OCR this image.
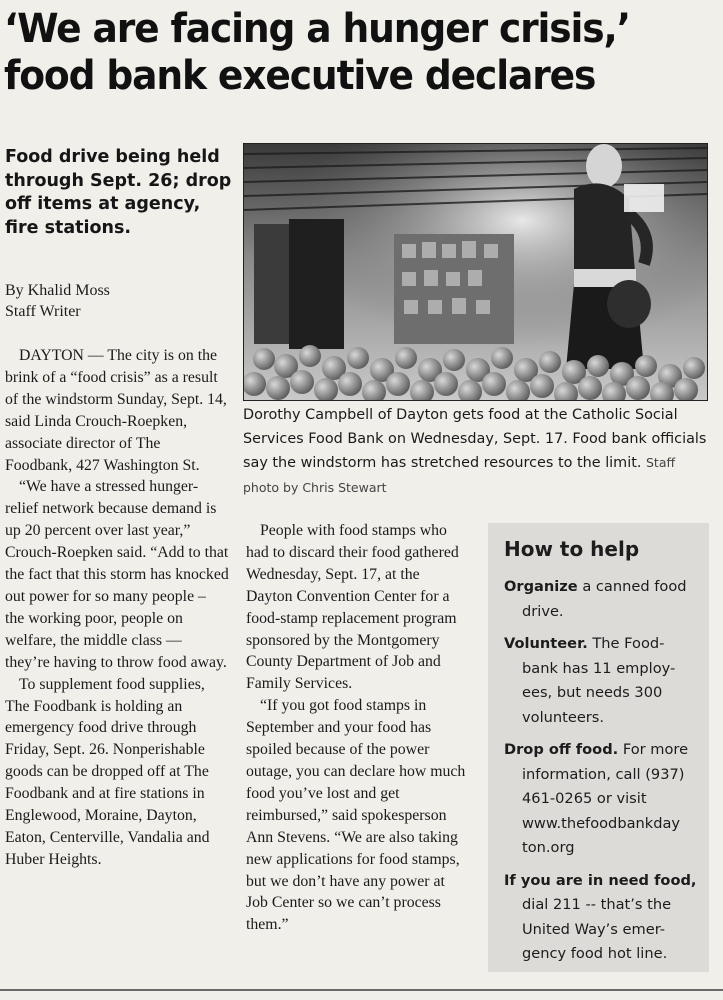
‘We are facing a hunger crisis,’
food bank executive declares

Food drive being held through Sept. 26; drop off items at agency, fire stations.

By Khalid Moss
Staff Writer

DAYTON — The city is on the brink of a “food crisis” as a result of the windstorm Sunday, Sept. 14, said Linda Crouch-Roepken, associate director of The Foodbank, 427 Washington St.

“We have a stressed hunger-relief network because demand is up 20 percent over last year,” Crouch-Roepken said. “Add to that the fact that this storm has knocked out power for so many people – the working poor, people on welfare, the middle class — they’re having to throw food away.

To supplement food supplies, The Foodbank is holding an emergency food drive through Friday, Sept. 26. Nonperishable goods can be dropped off at The Foodbank and at fire stations in Englewood, Moraine, Dayton, Eaton, Centerville, Vandalia and Huber Heights.

Dorothy Campbell of Dayton gets food at the Catholic Social Services Food Bank on Wednesday, Sept. 17. Food bank officials say the windstorm has stretched resources to the limit. Staff photo by Chris Stewart

People with food stamps who had to discard their food gathered Wednesday, Sept. 17, at the Dayton Convention Center for a food-stamp replacement program sponsored by the Montgomery County Department of Job and Family Services.

“If you got food stamps in September and your food has spoiled because of the power outage, you can declare how much food you’ve lost and get reimbursed,” said spokesperson Ann Stevens. “We are also taking new applications for food stamps, but we don’t have any power at Job Center so we can’t process them.”

How to help
Organize a canned food
drive.
Volunteer. The Food-
bank has 11 employ-
ees, but needs 300
volunteers.
Drop off food. For more
information, call (937)
461-0265 or visit
www.thefoodbankday
ton.org
If you are in need food,
dial 211 -- that’s the
United Way’s emer-
gency food hot line.
